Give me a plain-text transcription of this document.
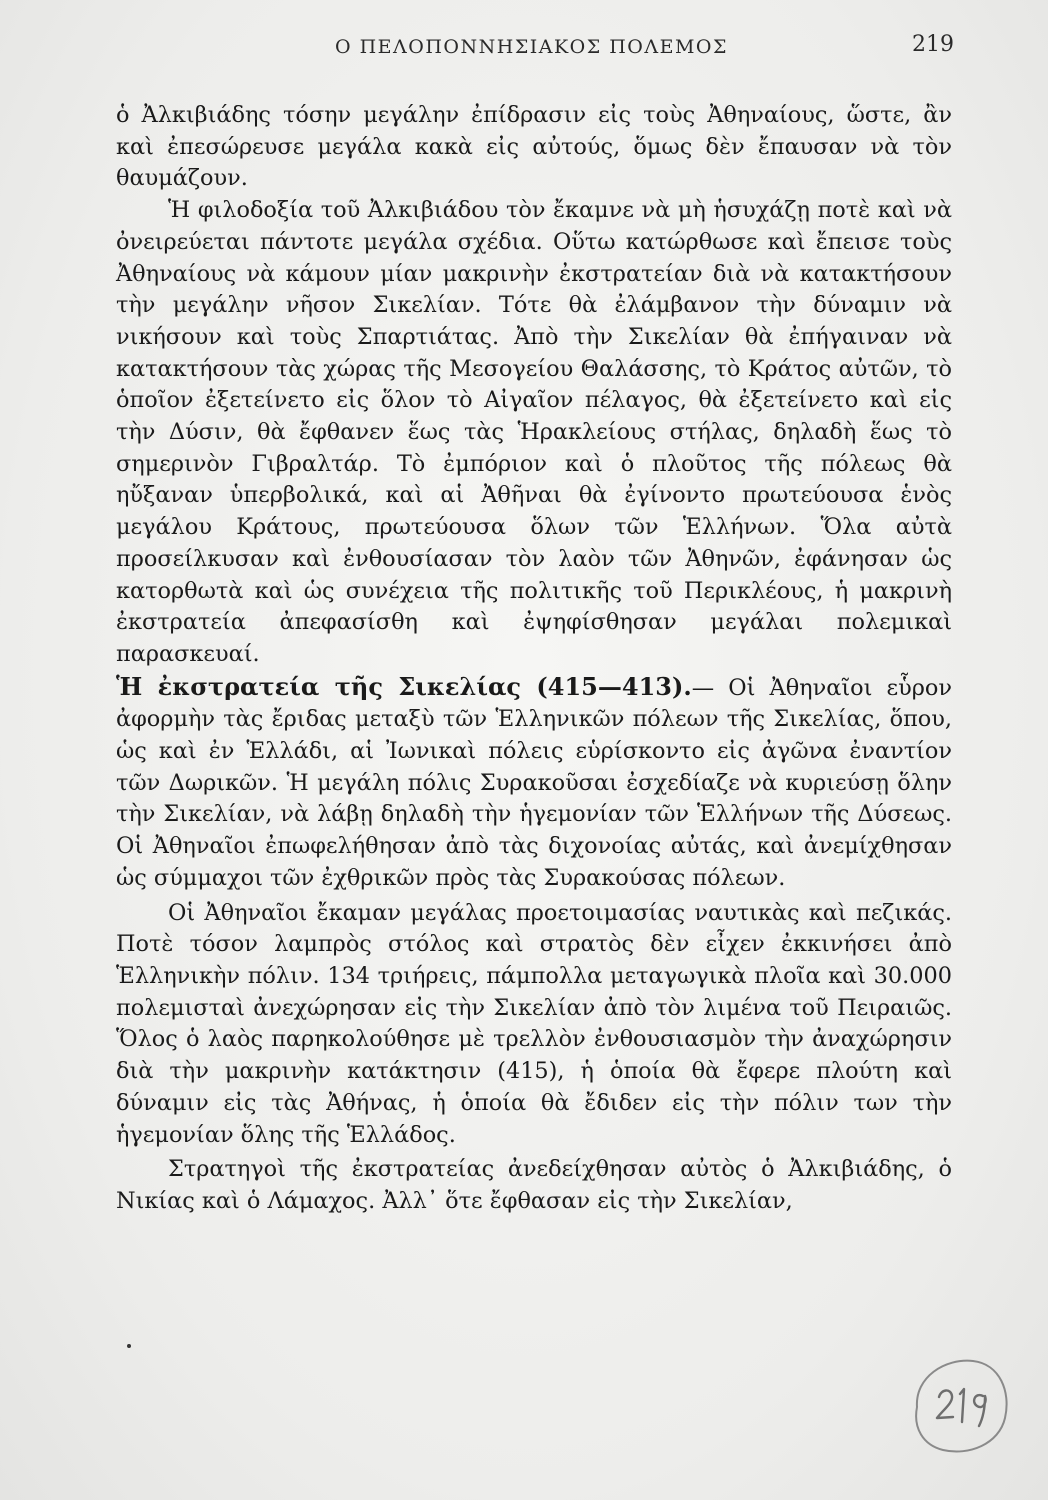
Ο ΠΕΛΟΠΟΝΝΗΣΙΑΚΟΣ ΠΟΛΕΜΟΣ	219

ὁ Ἀλκιβιάδης τόσην μεγάλην ἐπίδρασιν εἰς τοὺς Ἀθηναίους, ὥστε, ἂν καὶ ἐπεσώρευσε μεγάλα κακὰ εἰς αὐτούς, ὅμως δὲν ἔπαυσαν νὰ τὸν θαυμάζουν.

Ἡ φιλοδοξία τοῦ Ἀλκιβιάδου τὸν ἔκαμνε νὰ μὴ ἡσυχάζῃ ποτὲ καὶ νὰ ὀνειρεύεται πάντοτε μεγάλα σχέδια. Οὕτω κατώρθωσε καὶ ἔπεισε τοὺς Ἀθηναίους νὰ κάμουν μίαν μακρινὴν ἐκστρατείαν διὰ νὰ κατακτήσουν τὴν μεγάλην νῆσον Σικελίαν. Τότε θὰ ἐλάμβανον τὴν δύναμιν νὰ νικήσουν καὶ τοὺς Σπαρτιάτας. Ἀπὸ τὴν Σικελίαν θὰ ἐπήγαιναν νὰ κατακτήσουν τὰς χώρας τῆς Μεσογείου Θαλάσσης, τὸ Κράτος αὐτῶν, τὸ ὁποῖον ἐξετείνετο εἰς ὅλον τὸ Αἰγαῖον πέλαγος, θὰ ἐξετείνετο καὶ εἰς τὴν Δύσιν, θὰ ἔφθανεν ἕως τὰς Ἡρακλείους στήλας, δηλαδὴ ἕως τὸ σημερινὸν Γιβραλτάρ. Τὸ ἐμπόριον καὶ ὁ πλοῦτος τῆς πόλεως θὰ ηὔξαναν ὑπερβολικά, καὶ αἱ Ἀθῆναι θὰ ἐγίνοντο πρωτεύουσα ἑνὸς μεγάλου Κράτους, πρωτεύουσα ὅλων τῶν Ἑλλήνων. Ὅλα αὐτὰ προσείλκυσαν καὶ ἐνθουσίασαν τὸν λαὸν τῶν Ἀθηνῶν, ἐφάνησαν ὡς κατορθωτὰ καὶ ὡς συνέχεια τῆς πολιτικῆς τοῦ Περικλέους, ἡ μακρινὴ ἐκστρατεία ἀπεφασίσθη καὶ ἐψηφίσθησαν μεγάλαι πολεμικαὶ παρασκευαί.

Ἡ ἐκστρατεία τῆς Σικελίας (415—413).— Οἱ Ἀθηναῖοι εὗρον ἀφορμὴν τὰς ἔριδας μεταξὺ τῶν Ἑλληνικῶν πόλεων τῆς Σικελίας, ὅπου, ὡς καὶ ἐν Ἑλλάδι, αἱ Ἰωνικαὶ πόλεις εὑρίσκοντο εἰς ἀγῶνα ἐναντίον τῶν Δωρικῶν. Ἡ μεγάλη πόλις Συρακοῦσαι ἐσχεδίαζε νὰ κυριεύσῃ ὅλην τὴν Σικελίαν, νὰ λάβῃ δηλαδὴ τὴν ἡγεμονίαν τῶν Ἑλλήνων τῆς Δύσεως. Οἱ Ἀθηναῖοι ἐπωφελήθησαν ἀπὸ τὰς διχονοίας αὐτάς, καὶ ἀνεμίχθησαν ὡς σύμμαχοι τῶν ἐχθρικῶν πρὸς τὰς Συρακούσας πόλεων.

Οἱ Ἀθηναῖοι ἔκαμαν μεγάλας προετοιμασίας ναυτικὰς καὶ πεζικάς. Ποτὲ τόσον λαμπρὸς στόλος καὶ στρατὸς δὲν εἶχεν ἐκκινήσει ἀπὸ Ἑλληνικὴν πόλιν. 134 τριήρεις, πάμπολλα μεταγωγικὰ πλοῖα καὶ 30.000 πολεμισταὶ ἀνεχώρησαν εἰς τὴν Σικελίαν ἀπὸ τὸν λιμένα τοῦ Πειραιῶς. Ὅλος ὁ λαὸς παρηκολούθησε μὲ τρελλὸν ἐνθουσιασμὸν τὴν ἀναχώρησιν διὰ τὴν μακρινὴν κατάκτησιν (415), ἡ ὁποία θὰ ἔφερε πλούτη καὶ δύναμιν εἰς τὰς Ἀθήνας, ἡ ὁποία θὰ ἔδιδεν εἰς τὴν πόλιν των τὴν ἡγεμονίαν ὅλης τῆς Ἑλλάδος.

Στρατηγοὶ τῆς ἐκστρατείας ἀνεδείχθησαν αὐτὸς ὁ Ἀλκιβιάδης, ὁ Νικίας καὶ ὁ Λάμαχος. Ἀλλ᾽ ὅτε ἔφθασαν εἰς τὴν Σικελίαν,
